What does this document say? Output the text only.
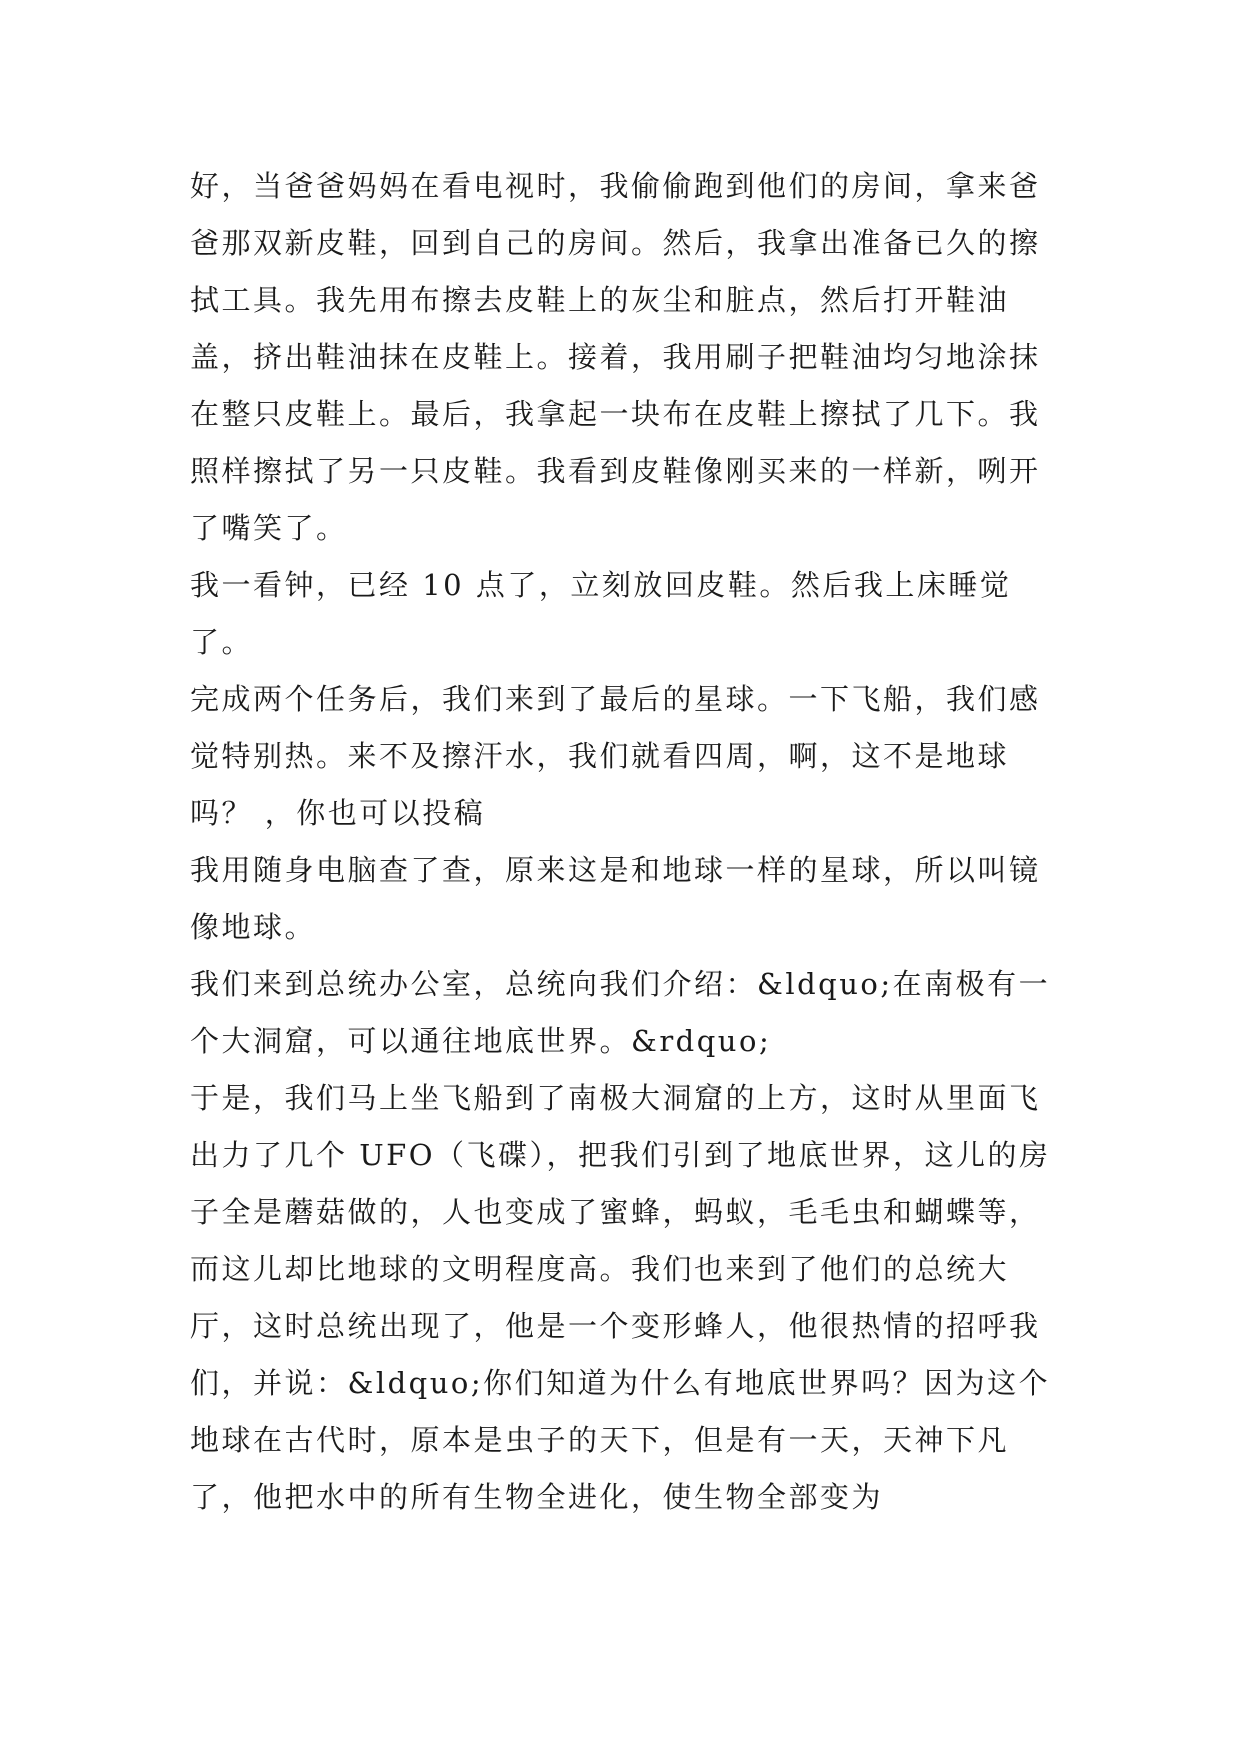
好，当爸爸妈妈在看电视时，我偷偷跑到他们的房间，拿来爸爸那双新皮鞋，回到自己的房间。然后，我拿出准备已久的擦拭工具。我先用布擦去皮鞋上的灰尘和脏点，然后打开鞋油盖，挤出鞋油抹在皮鞋上。接着，我用刷子把鞋油均匀地涂抹在整只皮鞋上。最后，我拿起一块布在皮鞋上擦拭了几下。我照样擦拭了另一只皮鞋。我看到皮鞋像刚买来的一样新，咧开了嘴笑了。

我一看钟，已经 10 点了，立刻放回皮鞋。然后我上床睡觉了。

完成两个任务后，我们来到了最后的星球。一下飞船，我们感觉特别热。来不及擦汗水，我们就看四周，啊，这不是地球吗？ ，你也可以投稿

我用随身电脑查了查，原来这是和地球一样的星球，所以叫镜像地球。

我们来到总统办公室，总统向我们介绍：&ldquo;在南极有一个大洞窟，可以通往地底世界。&rdquo;

于是，我们马上坐飞船到了南极大洞窟的上方，这时从里面飞出力了几个 UFO（飞碟），把我们引到了地底世界，这儿的房子全是蘑菇做的，人也变成了蜜蜂，蚂蚁，毛毛虫和蝴蝶等，而这儿却比地球的文明程度高。我们也来到了他们的总统大厅，这时总统出现了，他是一个变形蜂人，他很热情的招呼我们，并说：&ldquo;你们知道为什么有地底世界吗？因为这个地球在古代时，原本是虫子的天下，但是有一天，天神下凡了，他把水中的所有生物全进化，使生物全部变为
